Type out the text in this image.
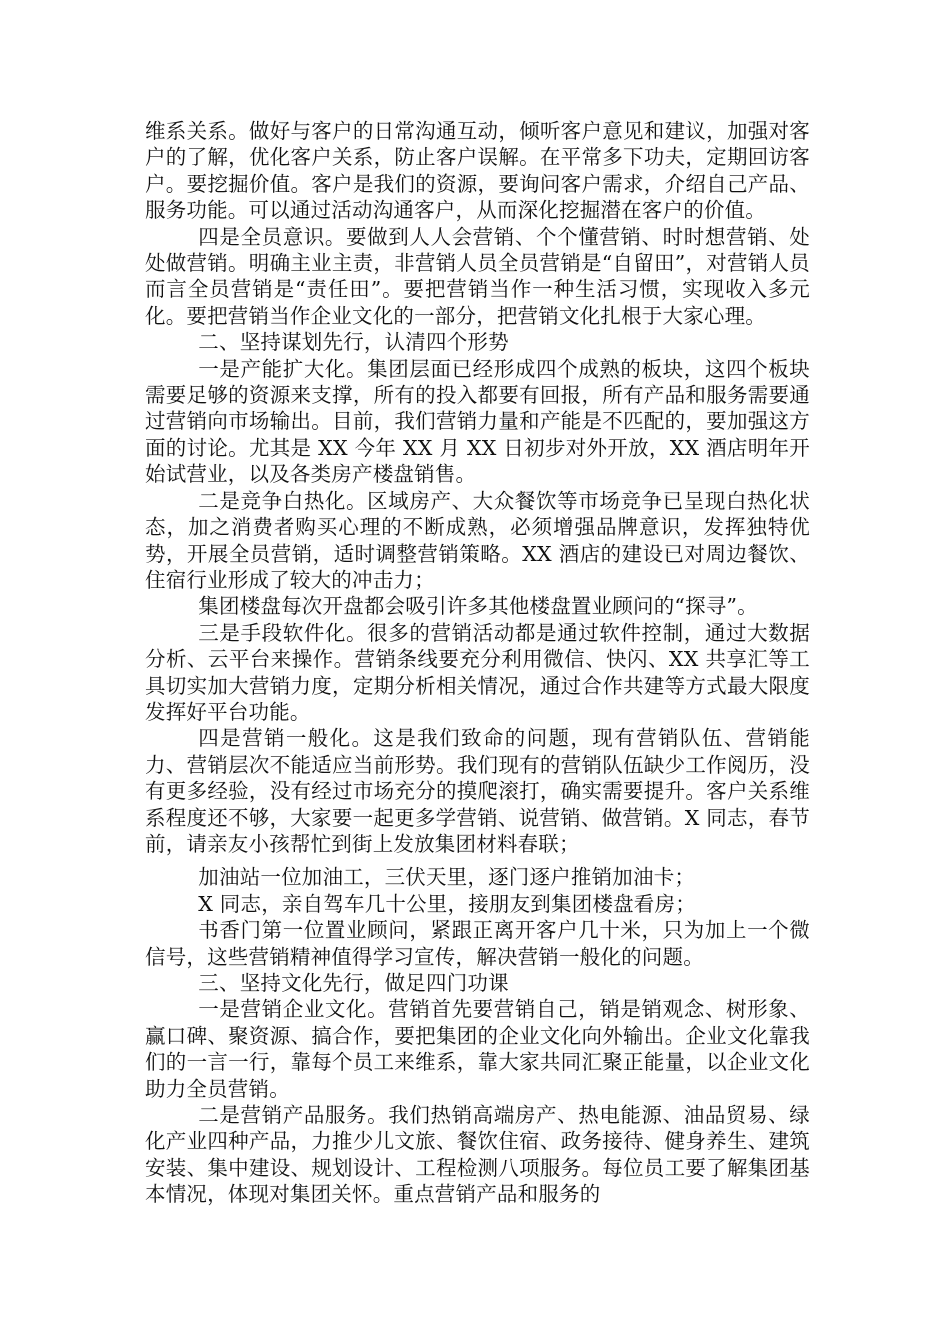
维系关系。做好与客户的日常沟通互动，倾听客户意见和建议，加强对客户的了解，优化客户关系，防止客户误解。在平常多下功夫，定期回访客户。要挖掘价值。客户是我们的资源，要询问客户需求，介绍自己产品、服务功能。可以通过活动沟通客户，从而深化挖掘潜在客户的价值。

四是全员意识。要做到人人会营销、个个懂营销、时时想营销、处处做营销。明确主业主责，非营销人员全员营销是“自留田”，对营销人员而言全员营销是“责任田”。要把营销当作一种生活习惯，实现收入多元化。要把营销当作企业文化的一部分，把营销文化扎根于大家心理。

二、坚持谋划先行，认清四个形势

一是产能扩大化。集团层面已经形成四个成熟的板块，这四个板块需要足够的资源来支撑，所有的投入都要有回报，所有产品和服务需要通过营销向市场输出。目前，我们营销力量和产能是不匹配的，要加强这方面的讨论。尤其是 XX 今年 XX 月 XX 日初步对外开放，XX 酒店明年开始试营业，以及各类房产楼盘销售。

二是竞争白热化。区域房产、大众餐饮等市场竞争已呈现白热化状态，加之消费者购买心理的不断成熟，必须增强品牌意识，发挥独特优势，开展全员营销，适时调整营销策略。XX 酒店的建设已对周边餐饮、住宿行业形成了较大的冲击力；

集团楼盘每次开盘都会吸引许多其他楼盘置业顾问的“探寻”。

三是手段软件化。很多的营销活动都是通过软件控制，通过大数据分析、云平台来操作。营销条线要充分利用微信、快闪、XX 共享汇等工具切实加大营销力度，定期分析相关情况，通过合作共建等方式最大限度发挥好平台功能。

四是营销一般化。这是我们致命的问题，现有营销队伍、营销能力、营销层次不能适应当前形势。我们现有的营销队伍缺少工作阅历，没有更多经验，没有经过市场充分的摸爬滚打，确实需要提升。客户关系维系程度还不够，大家要一起更多学营销、说营销、做营销。X 同志，春节前，请亲友小孩帮忙到街上发放集团材料春联；

加油站一位加油工，三伏天里，逐门逐户推销加油卡；

X 同志，亲自驾车几十公里，接朋友到集团楼盘看房；

书香门第一位置业顾问，紧跟正离开客户几十米，只为加上一个微信号，这些营销精神值得学习宣传，解决营销一般化的问题。

三、坚持文化先行，做足四门功课

一是营销企业文化。营销首先要营销自己，销是销观念、树形象、赢口碑、聚资源、搞合作，要把集团的企业文化向外输出。企业文化靠我们的一言一行，靠每个员工来维系，靠大家共同汇聚正能量，以企业文化助力全员营销。

二是营销产品服务。我们热销高端房产、热电能源、油品贸易、绿化产业四种产品，力推少儿文旅、餐饮住宿、政务接待、健身养生、建筑安装、集中建设、规划设计、工程检测八项服务。每位员工要了解集团基本情况，体现对集团关怀。重点营销产品和服务的
